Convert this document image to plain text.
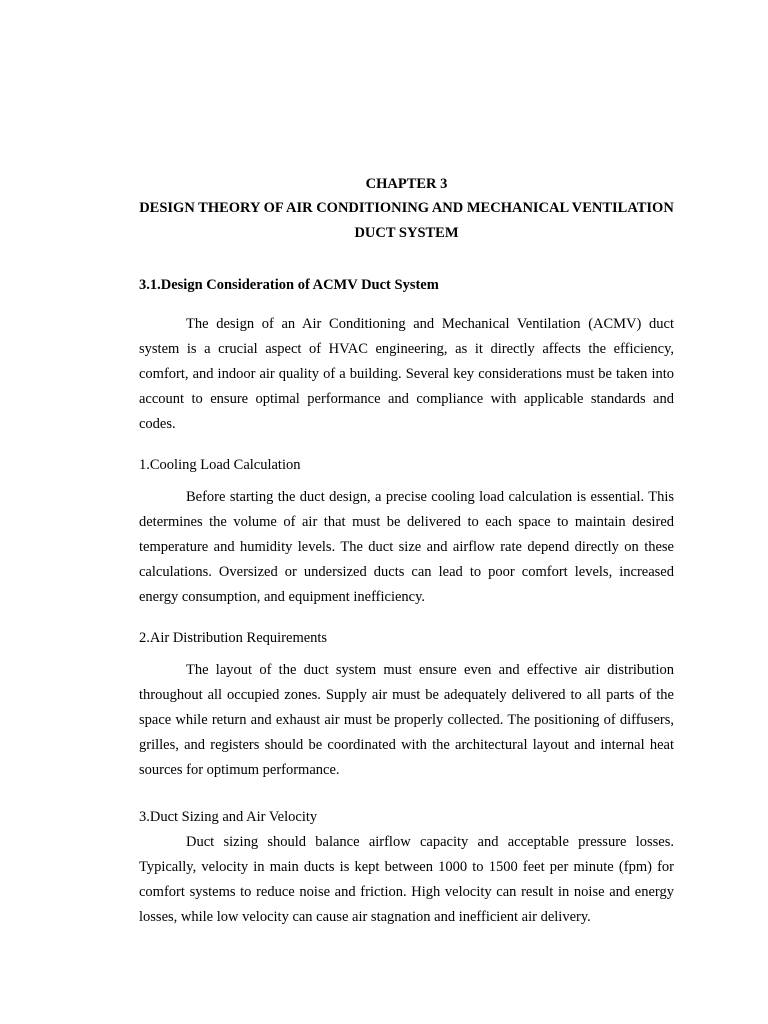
CHAPTER 3
DESIGN THEORY OF AIR CONDITIONING AND MECHANICAL VENTILATION DUCT SYSTEM
3.1.Design Consideration of ACMV Duct System

The design of an Air Conditioning and Mechanical Ventilation (ACMV) duct system is a crucial aspect of HVAC engineering, as it directly affects the efficiency, comfort, and indoor air quality of a building. Several key considerations must be taken into account to ensure optimal performance and compliance with applicable standards and codes.

1.Cooling Load Calculation

Before starting the duct design, a precise cooling load calculation is essential. This determines the volume of air that must be delivered to each space to maintain desired temperature and humidity levels. The duct size and airflow rate depend directly on these calculations. Oversized or undersized ducts can lead to poor comfort levels, increased energy consumption, and equipment inefficiency.

2.Air Distribution Requirements

The layout of the duct system must ensure even and effective air distribution throughout all occupied zones. Supply air must be adequately delivered to all parts of the space while return and exhaust air must be properly collected. The positioning of diffusers, grilles, and registers should be coordinated with the architectural layout and internal heat sources for optimum performance.

3.Duct Sizing and Air Velocity

Duct sizing should balance airflow capacity and acceptable pressure losses. Typically, velocity in main ducts is kept between 1000 to 1500 feet per minute (fpm) for comfort systems to reduce noise and friction. High velocity can result in noise and energy losses, while low velocity can cause air stagnation and inefficient air delivery.
